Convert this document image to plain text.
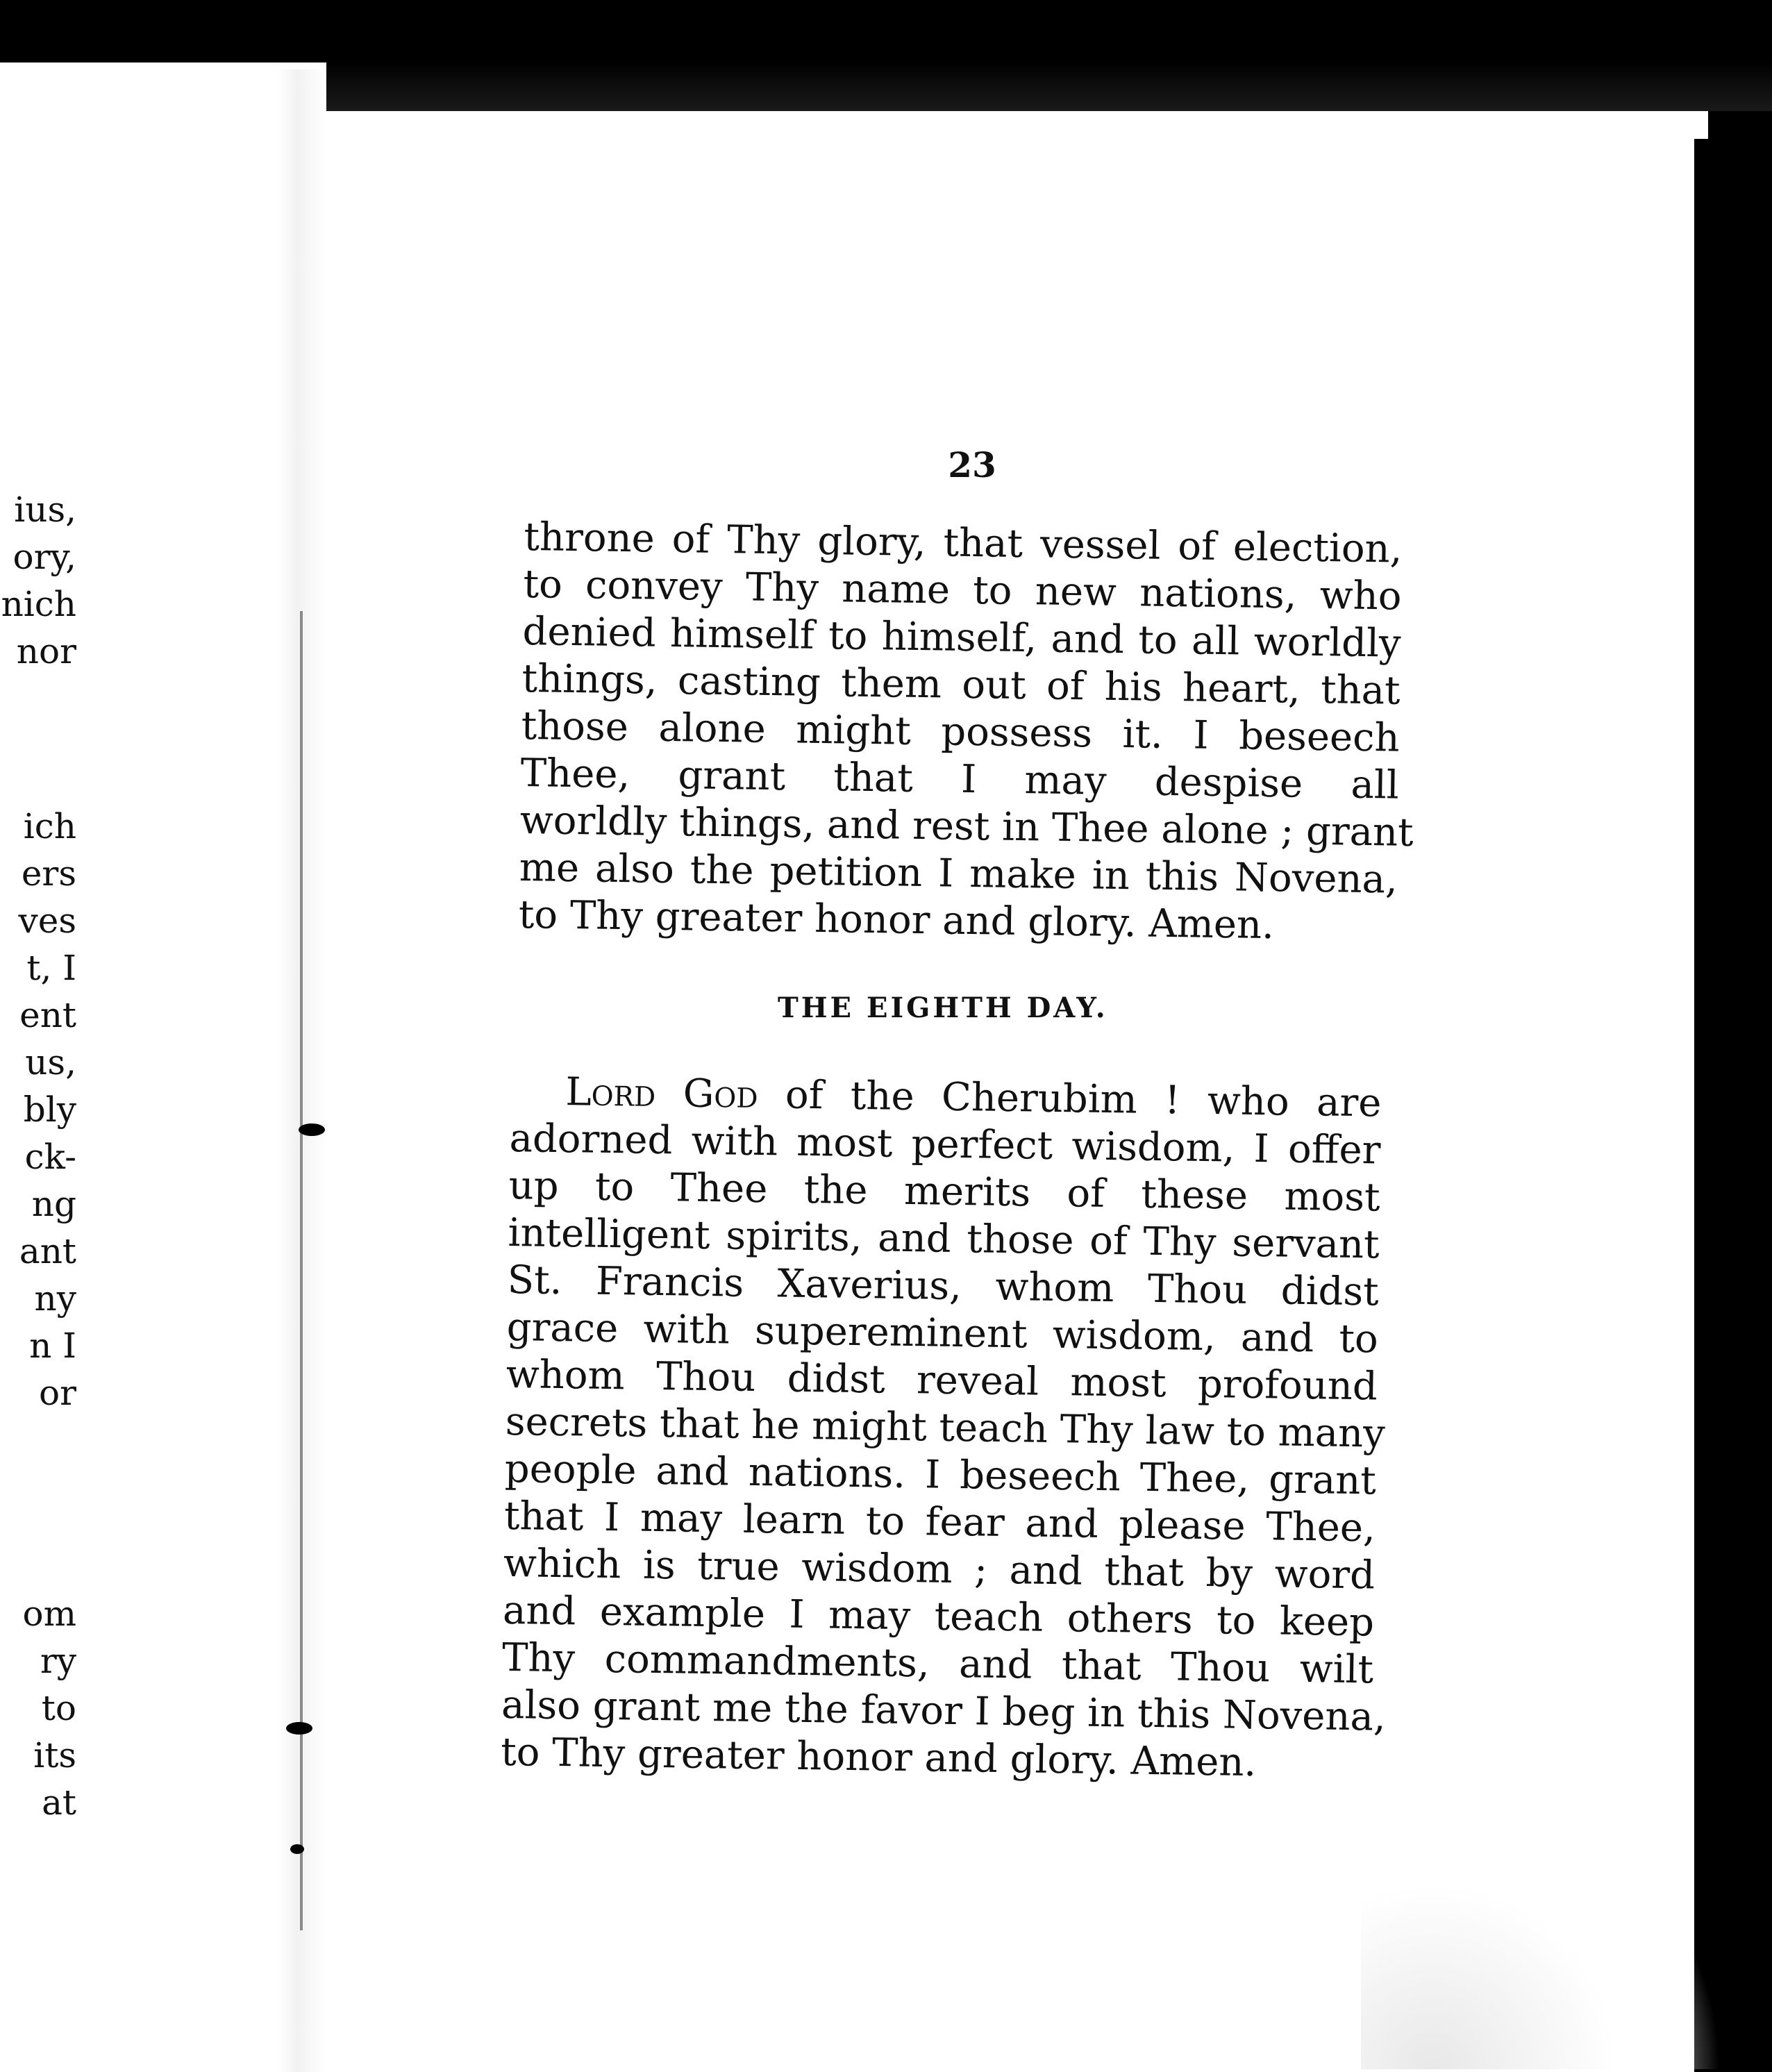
ius,
ory,
nich
nor
ich
ers
ves
t, I
ent
us,
bly
ck-
ng
ant
ny
n I
or
om
ry
to
its
at
23
throne of Thy glory, that vessel of election,
to convey Thy name to new nations, who
denied himself to himself, and to all worldly
things, casting them out of his heart, that
those alone might possess it. I beseech
Thee, grant that I may despise all
worldly things, and rest in Thee alone ; grant
me also the petition I make in this Novena,
to Thy greater honor and glory. Amen.
THE EIGHTH DAY.
Lord God of the Cherubim ! who are
adorned with most perfect wisdom, I offer
up to Thee the merits of these most
intelligent spirits, and those of Thy servant
St. Francis Xaverius, whom Thou didst
grace with supereminent wisdom, and to
whom Thou didst reveal most profound
secrets that he might teach Thy law to many
people and nations. I beseech Thee, grant
that I may learn to fear and please Thee,
which is true wisdom ; and that by word
and example I may teach others to keep
Thy commandments, and that Thou wilt
also grant me the favor I beg in this Novena,
to Thy greater honor and glory. Amen.
